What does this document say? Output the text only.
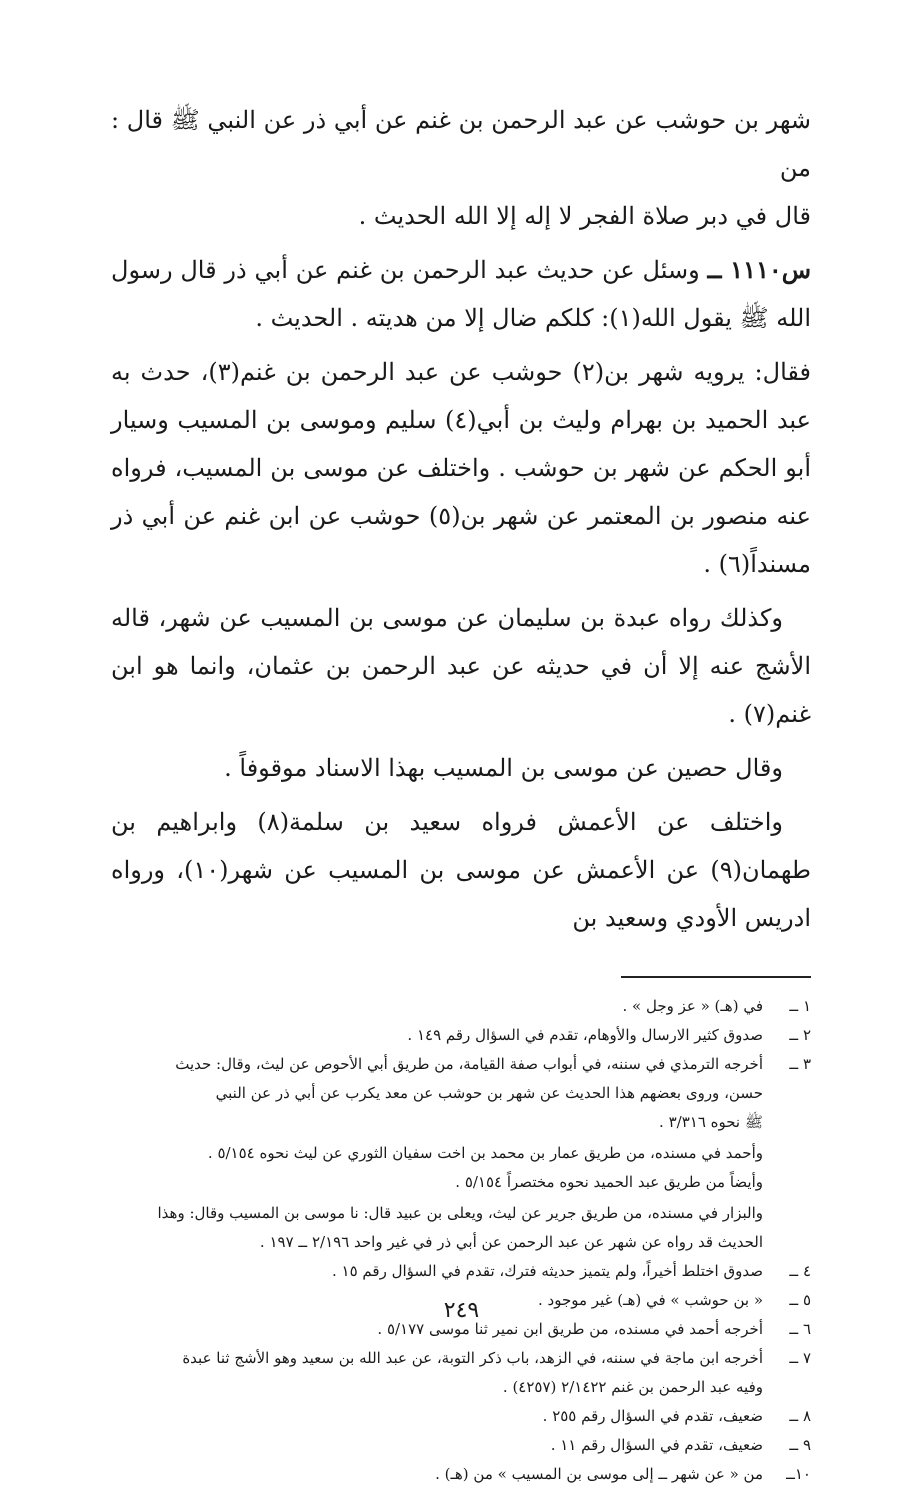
شهر بن حوشب عن عبد الرحمن بن غنم عن أبي ذر عن النبي ﷺ قال : من
قال في دبر صلاة الفجر لا إله إلا الله الحديث .

س١١١٠ ــ وسئل عن حديث عبد الرحمن بن غنم عن أبي ذر قال رسول الله ﷺ يقول الله(١): كلكم ضال إلا من هديته . الحديث .

فقال: يرويه شهر بن(٢) حوشب عن عبد الرحمن بن غنم(٣)، حدث به عبد الحميد بن بهرام وليث بن أبي(٤) سليم وموسى بن المسيب وسيار أبو الحكم عن شهر بن حوشب . واختلف عن موسى بن المسيب، فرواه عنه منصور بن المعتمر عن شهر بن(٥) حوشب عن ابن غنم عن أبي ذر مسنداً(٦) .

وكذلك رواه عبدة بن سليمان عن موسى بن المسيب عن شهر، قاله الأشج عنه إلا أن في حديثه عن عبد الرحمن بن عثمان، وانما هو ابن غنم(٧) .

وقال حصين عن موسى بن المسيب بهذا الاسناد موقوفاً .

واختلف عن الأعمش فرواه سعيد بن سلمة(٨) وابراهيم بن طهمان(٩) عن الأعمش عن موسى بن المسيب عن شهر(١٠)، ورواه ادريس الأودي وسعيد بن

١ ــ
في (هـ) « عز وجل » .
٢ ــ
صدوق كثير الارسال والأوهام، تقدم في السؤال رقم ١٤٩ .
٣ ــ
أخرجه الترمذي في سننه، في أبواب صفة القيامة، من طريق أبي الأحوص عن ليث، وقال: حديث
حسن، وروى بعضهم هذا الحديث عن شهر بن حوشب عن معد يكرب عن أبي ذر عن النبي
ﷺ نحوه ٣/٣١٦ .
وأحمد في مسنده، من طريق عمار بن محمد بن اخت سفيان الثوري عن ليث نحوه ٥/١٥٤ .
وأيضاً من طريق عبد الحميد نحوه مختصراً ٥/١٥٤ .
والبزار في مسنده، من طريق جرير عن ليث، ويعلى بن عبيد قال: نا موسى بن المسيب وقال: وهذا
الحديث قد رواه عن شهر عن عبد الرحمن عن أبي ذر في غير واحد ٢/١٩٦ ــ ١٩٧ .
٤ ــ
صدوق اختلط أخيراً، ولم يتميز حديثه فترك، تقدم في السؤال رقم ١٥ .
٥ ــ
« بن حوشب » في (هـ) غير موجود .
٦ ــ
أخرجه أحمد في مسنده، من طريق ابن نمير ثنا موسى ٥/١٧٧ .
٧ ــ
أخرجه ابن ماجة في سننه، في الزهد، باب ذكر التوبة، عن عبد الله بن سعيد وهو الأشج ثنا عبدة
وفيه عبد الرحمن بن غنم ٢/١٤٢٢ (٤٢٥٧) .
٨ ــ
ضعيف، تقدم في السؤال رقم ٢٥٥ .
٩ ــ
ضعيف، تقدم في السؤال رقم ١١ .
١٠ــ
من « عن شهر ــ إلى موسى بن المسيب » من (هـ) .
٢٤٩
